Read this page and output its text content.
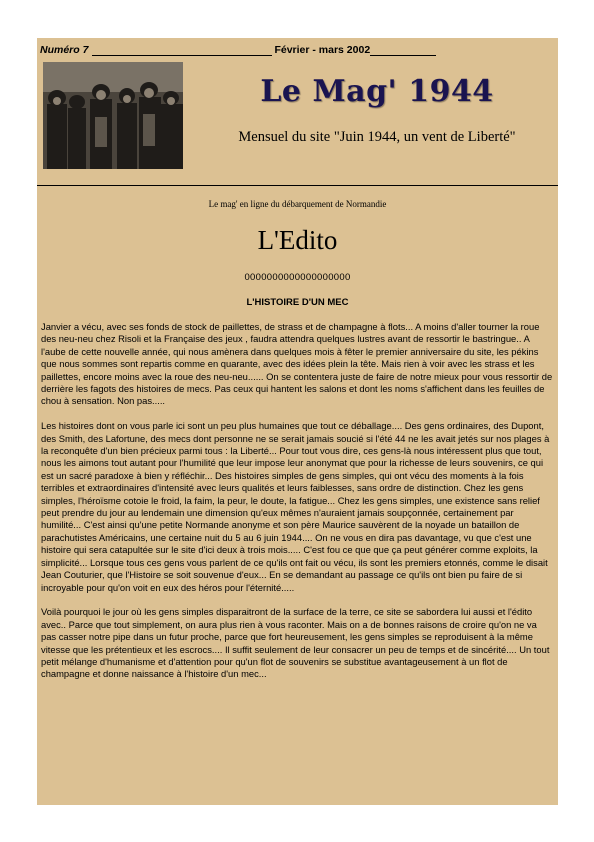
Numéro 7	Février - mars 2002
Le Mag' 1944
Mensuel du site "Juin 1944, un vent de Liberté"
Le mag' en ligne du débarquement de Normandie
L'Edito
0000000000000000000
L'HISTOIRE D'UN MEC

Janvier a vécu, avec ses fonds de stock de paillettes, de strass et de champagne à flots... A moins d'aller tourner la roue des neu-neu chez Risoli et la Française des jeux , faudra attendra quelques lustres avant de ressortir le bastringue.. A l'aube de cette nouvelle année, qui nous amènera dans quelques mois à fêter le premier anniversaire du site, les pékins que nous sommes sont repartis comme en quarante, avec des idées plein la tête. Mais rien à voir avec les strass et les paillettes, encore moins avec la roue des neu-neu...... On se contentera juste de faire de notre mieux pour vous ressortir de derrière les fagots des histoires de mecs. Pas ceux qui hantent les salons et dont les noms s'affichent dans les feuilles de chou à sensation. Non pas.....

Les histoires dont on vous parle ici sont un peu plus humaines que tout ce déballage.... Des gens ordinaires, des Dupont, des Smith, des Lafortune, des mecs dont personne ne se serait jamais soucié si l'été 44 ne les avait jetés sur nos plages à la reconquête d'un bien précieux parmi tous : la Liberté... Pour tout vous dire, ces gens-là nous intéressent plus que tout, nous les aimons tout autant pour l'humilité que leur impose leur anonymat que pour la richesse de leurs souvenirs, ce qui est un sacré paradoxe à bien y réfléchir... Des histoires simples de gens simples, qui ont vécu des moments à la fois terribles et extraordinaires d'intensité avec leurs qualités et leurs faiblesses, sans ordre de distinction. Chez les gens simples, l'héroïsme cotoie le froid, la faim, la peur, le doute, la fatigue... Chez les gens simples, une existence sans relief peut prendre du jour au lendemain une dimension qu'eux mêmes n'auraient jamais soupçonnée, certainement par humilité... C'est ainsi qu'une petite Normande anonyme et son père Maurice sauvèrent de la noyade un bataillon de parachutistes Américains, une certaine nuit du 5 au 6 juin 1944.... On ne vous en dira pas davantage, vu que c'est une histoire qui sera catapultée sur le site d'ici deux à trois mois..... C'est fou ce que que ça peut générer comme exploits, la simplicité... Lorsque tous ces gens vous parlent de ce qu'ils ont fait ou vécu, ils sont les premiers etonnés, comme le disait Jean Couturier, que l'Histoire se soit souvenue d'eux... En se demandant au passage ce qu'ils ont bien pu faire de si incroyable pour qu'on voit en eux des héros pour l'éternité.....

Voilà pourquoi le jour où les gens simples disparaitront de la surface de la terre, ce site se sabordera lui aussi et l'édito avec.. Parce que tout simplement, on aura plus rien à vous raconter. Mais on a de bonnes raisons de croire qu'on ne va pas casser notre pipe dans un futur proche, parce que fort heureusement, les gens simples se reproduisent à la même vitesse que les prétentieux et les escrocs.... Il suffit seulement de leur consacrer un peu de temps et de sincérité.... Un tout petit mélange d'humanisme et d'attention pour qu'un flot de souvenirs se substitue avantageusement à un flot de champagne et donne naissance à l'histoire d'un mec...
